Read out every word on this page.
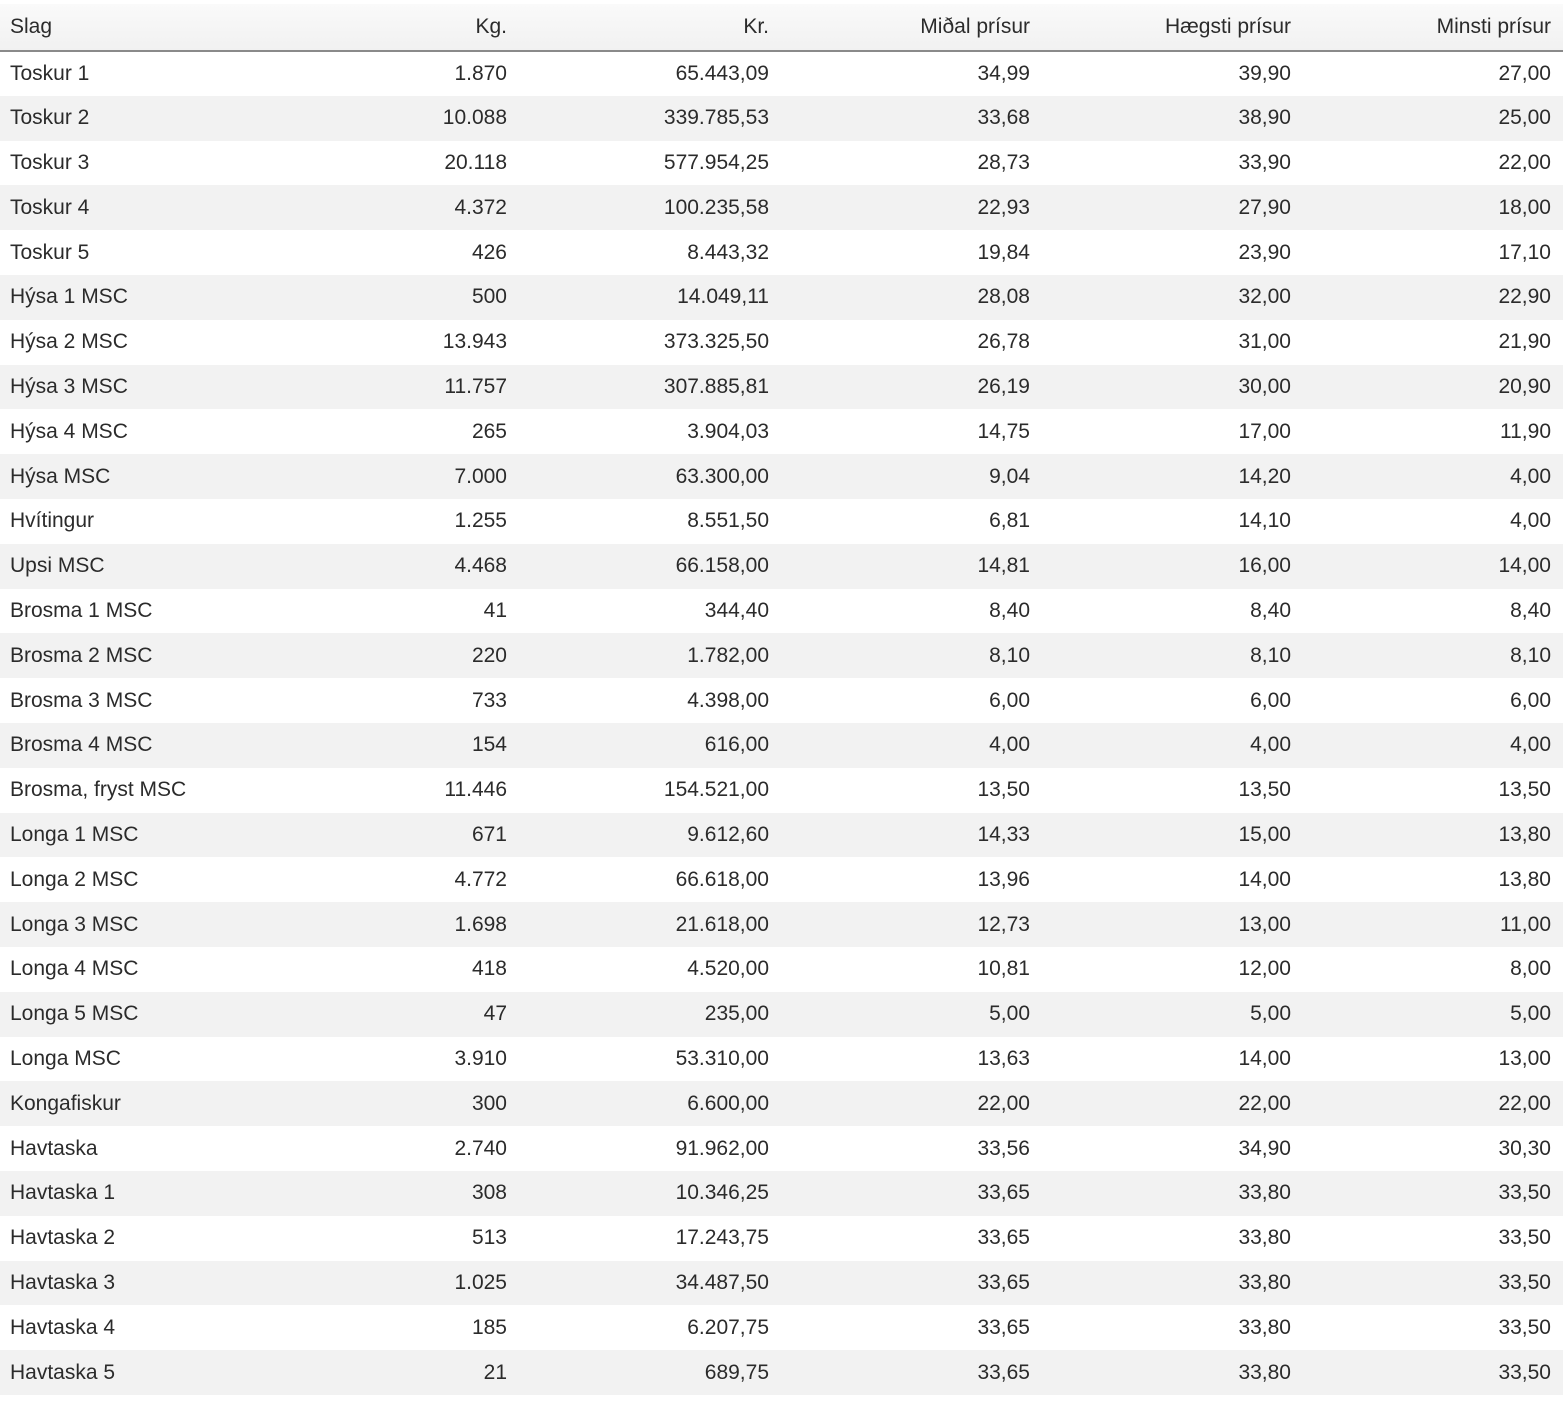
Slag	Kg.	Kr.	Miðal prísur	Hægsti prísur	Minsti prísur
Toskur 1	1.870	65.443,09	34,99	39,90	27,00
Toskur 2	10.088	339.785,53	33,68	38,90	25,00
Toskur 3	20.118	577.954,25	28,73	33,90	22,00
Toskur 4	4.372	100.235,58	22,93	27,90	18,00
Toskur 5	426	8.443,32	19,84	23,90	17,10
Hýsa 1 MSC	500	14.049,11	28,08	32,00	22,90
Hýsa 2 MSC	13.943	373.325,50	26,78	31,00	21,90
Hýsa 3 MSC	11.757	307.885,81	26,19	30,00	20,90
Hýsa 4 MSC	265	3.904,03	14,75	17,00	11,90
Hýsa MSC	7.000	63.300,00	9,04	14,20	4,00
Hvítingur	1.255	8.551,50	6,81	14,10	4,00
Upsi MSC	4.468	66.158,00	14,81	16,00	14,00
Brosma 1 MSC	41	344,40	8,40	8,40	8,40
Brosma 2 MSC	220	1.782,00	8,10	8,10	8,10
Brosma 3 MSC	733	4.398,00	6,00	6,00	6,00
Brosma 4 MSC	154	616,00	4,00	4,00	4,00
Brosma, fryst MSC	11.446	154.521,00	13,50	13,50	13,50
Longa 1 MSC	671	9.612,60	14,33	15,00	13,80
Longa 2 MSC	4.772	66.618,00	13,96	14,00	13,80
Longa 3 MSC	1.698	21.618,00	12,73	13,00	11,00
Longa 4 MSC	418	4.520,00	10,81	12,00	8,00
Longa 5 MSC	47	235,00	5,00	5,00	5,00
Longa MSC	3.910	53.310,00	13,63	14,00	13,00
Kongafiskur	300	6.600,00	22,00	22,00	22,00
Havtaska	2.740	91.962,00	33,56	34,90	30,30
Havtaska 1	308	10.346,25	33,65	33,80	33,50
Havtaska 2	513	17.243,75	33,65	33,80	33,50
Havtaska 3	1.025	34.487,50	33,65	33,80	33,50
Havtaska 4	185	6.207,75	33,65	33,80	33,50
Havtaska 5	21	689,75	33,65	33,80	33,50
